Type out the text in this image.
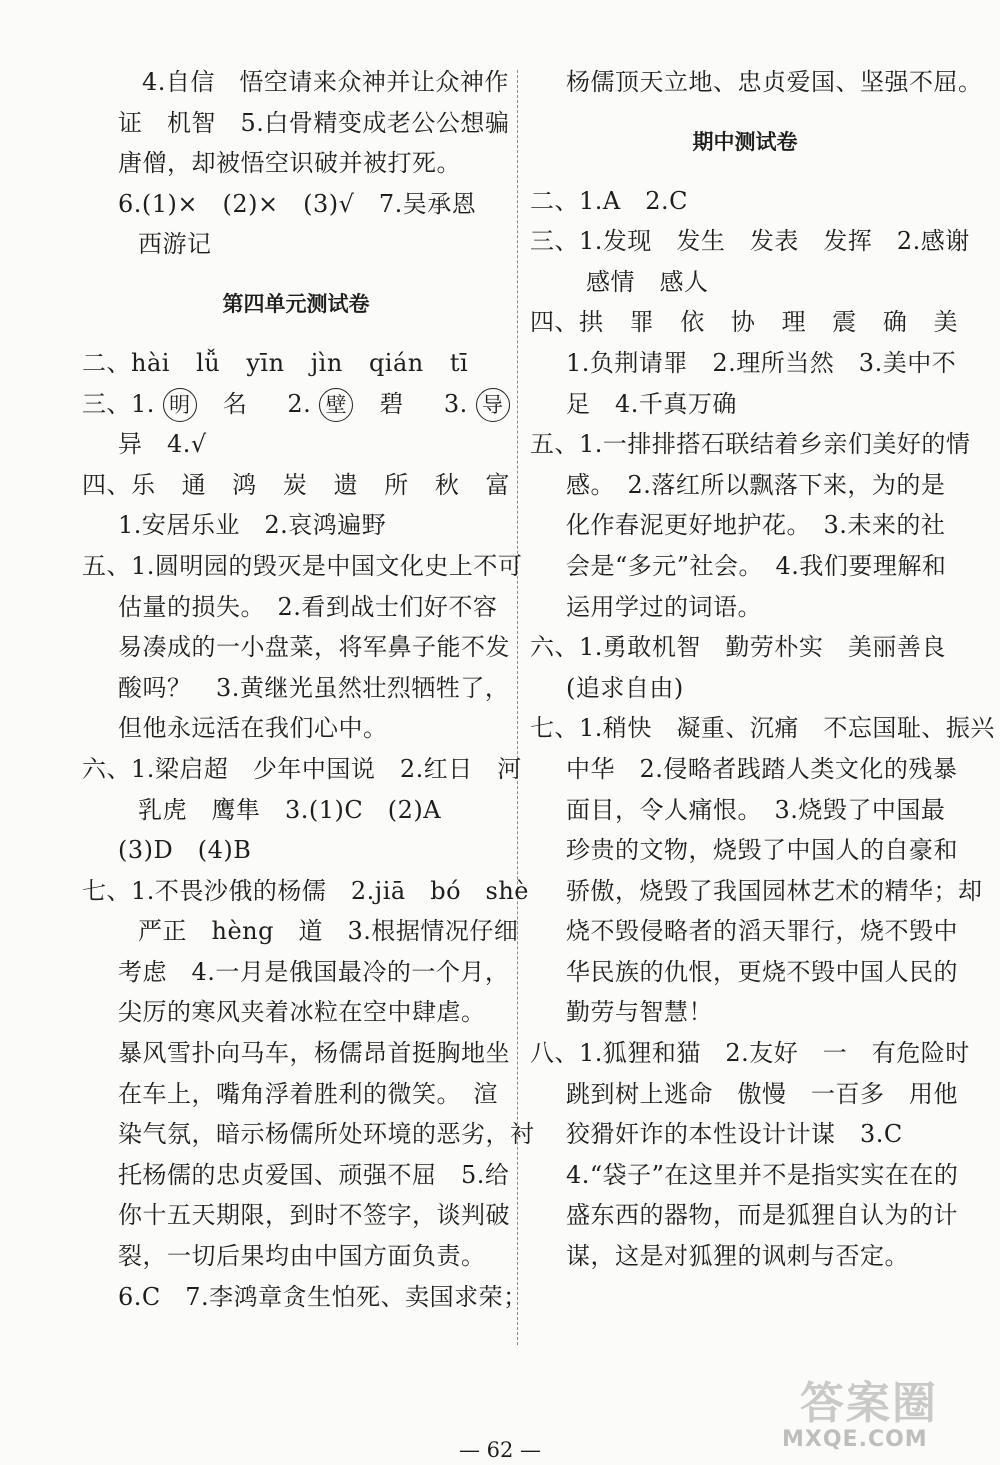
4.自信　悟空请来众神并让众神作
证　机智　5.白骨精变成老公公想骗
唐僧，却被悟空识破并被打死。
6.(1)×　(2)×　(3)√　7.吴承恩
西游记
第四单元测试卷
二、hài lǚ yīn jìn qián tī
三、1. 明 名 2. 壁 碧 3. 导
异　4.√
四、乐 通 鸿 炭 遗 所 秋 富
1.安居乐业　2.哀鸿遍野
五、1.圆明园的毁灭是中国文化史上不可
估量的损失。　2.看到战士们好不容
易凑成的一小盘菜，将军鼻子能不发
酸吗？　3.黄继光虽然壮烈牺牲了，
但他永远活在我们心中。
六、1.梁启超　少年中国说　2.红日　河
乳虎　鹰隼　3.(1)C　(2)A
(3)D　(4)B
七、1.不畏沙俄的杨儒　2.jiā　bó　shè
严正　hèng　道　3.根据情况仔细
考虑　4.一月是俄国最冷的一个月，
尖厉的寒风夹着冰粒在空中肆虐。
暴风雪扑向马车，杨儒昂首挺胸地坐
在车上，嘴角浮着胜利的微笑。　渲
染气氛，暗示杨儒所处环境的恶劣，衬
托杨儒的忠贞爱国、顽强不屈　5.给
你十五天期限，到时不签字，谈判破
裂，一切后果均由中国方面负责。
6.C　7.李鸿章贪生怕死、卖国求荣；
杨儒顶天立地、忠贞爱国、坚强不屈。
期中测试卷
二、1.A　2.C
三、1.发现　发生　发表　发挥　2.感谢
感情　感人
四、拱 罪 依 协 理 震 确 美
1.负荆请罪　2.理所当然　3.美中不
足　4.千真万确
五、1.一排排搭石联结着乡亲们美好的情
感。　2.落红所以飘落下来，为的是
化作春泥更好地护花。　3.未来的社
会是“多元”社会。　4.我们要理解和
运用学过的词语。
六、1.勇敢机智　勤劳朴实　美丽善良
(追求自由)
七、1.稍快　凝重、沉痛　不忘国耻、振兴
中华　2.侵略者践踏人类文化的残暴
面目，令人痛恨。　3.烧毁了中国最
珍贵的文物，烧毁了中国人的自豪和
骄傲，烧毁了我国园林艺术的精华；却
烧不毁侵略者的滔天罪行，烧不毁中
华民族的仇恨，更烧不毁中国人民的
勤劳与智慧！
八、1.狐狸和猫　2.友好　一　有危险时
跳到树上逃命　傲慢　一百多　用他
狡猾奸诈的本性设计计谋　3.C
4.“袋子”在这里并不是指实实在在的
盛东西的器物，而是狐狸自认为的计
谋，这是对狐狸的讽刺与否定。
— 62 —
答案圈
MXQE.COM
